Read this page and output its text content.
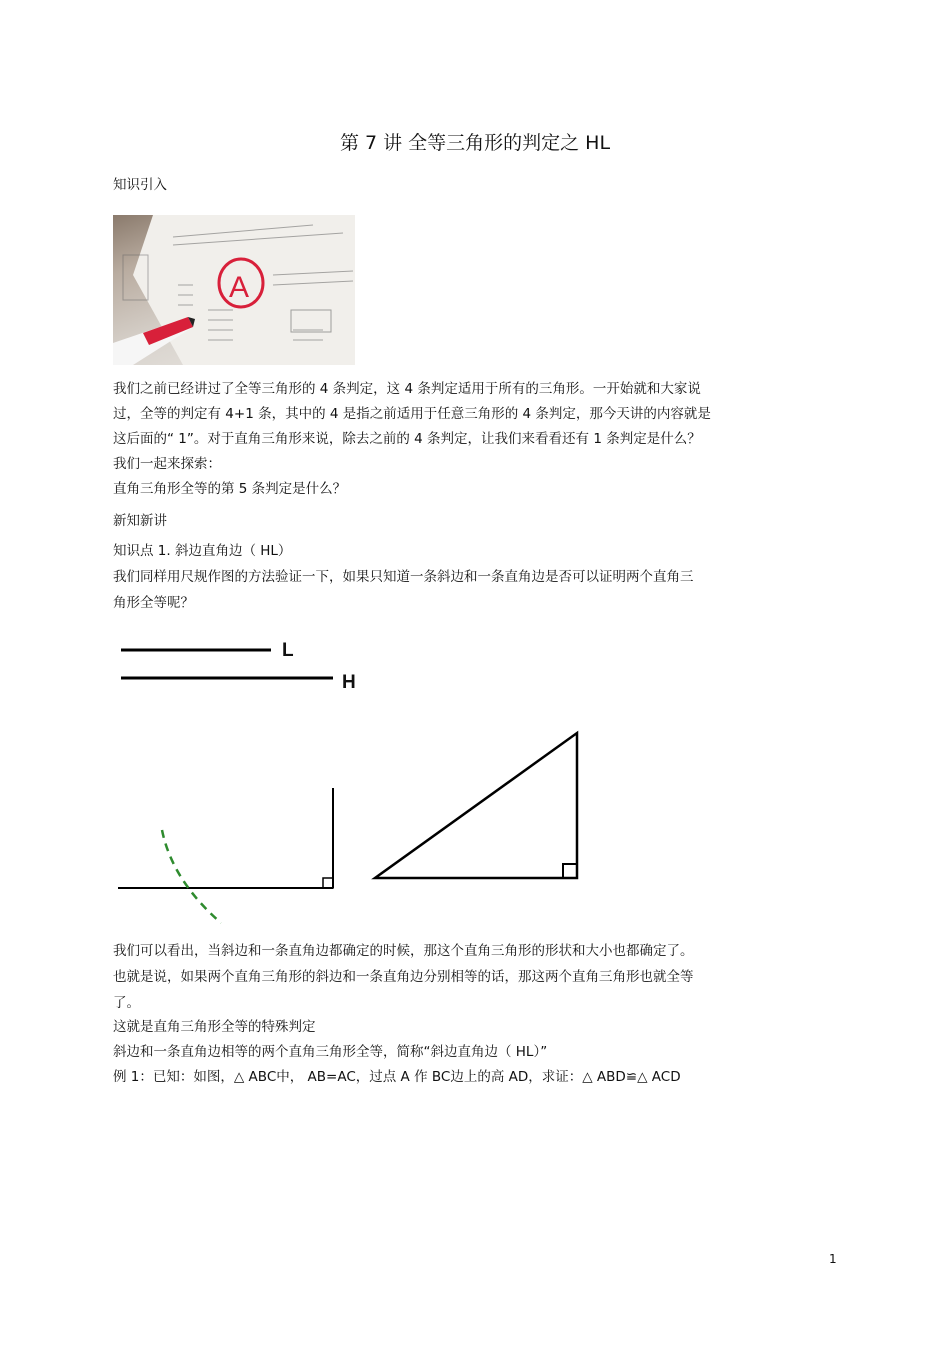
第 7 讲 全等三角形的判定之 HL
知识引入
A
我们之前已经讲过了全等三角形的 4 条判定，这 4 条判定适用于所有的三角形。一开始就和大家说
过，全等的判定有 4+1 条，其中的 4 是指之前适用于任意三角形的 4 条判定，那今天讲的内容就是
这后面的“ 1”。对于直角三角形来说，除去之前的 4 条判定，让我们来看看还有 1 条判定是什么？
我们一起来探索：
直角三角形全等的第 5 条判定是什么？
新知新讲
知识点 1. 斜边直角边（ HL）
我们同样用尺规作图的方法验证一下，如果只知道一条斜边和一条直角边是否可以证明两个直角三
角形全等呢？
L
H
我们可以看出，当斜边和一条直角边都确定的时候，那这个直角三角形的形状和大小也都确定了。
也就是说，如果两个直角三角形的斜边和一条直角边分别相等的话，那这两个直角三角形也就全等
了。
这就是直角三角形全等的特殊判定
斜边和一条直角边相等的两个直角三角形全等，简称“斜边直角边（ HL）”
例 1：已知：如图，△ ABC中， AB=AC，过点 A 作 BC边上的高 AD，求证：△ ABD≌△ ACD
1
